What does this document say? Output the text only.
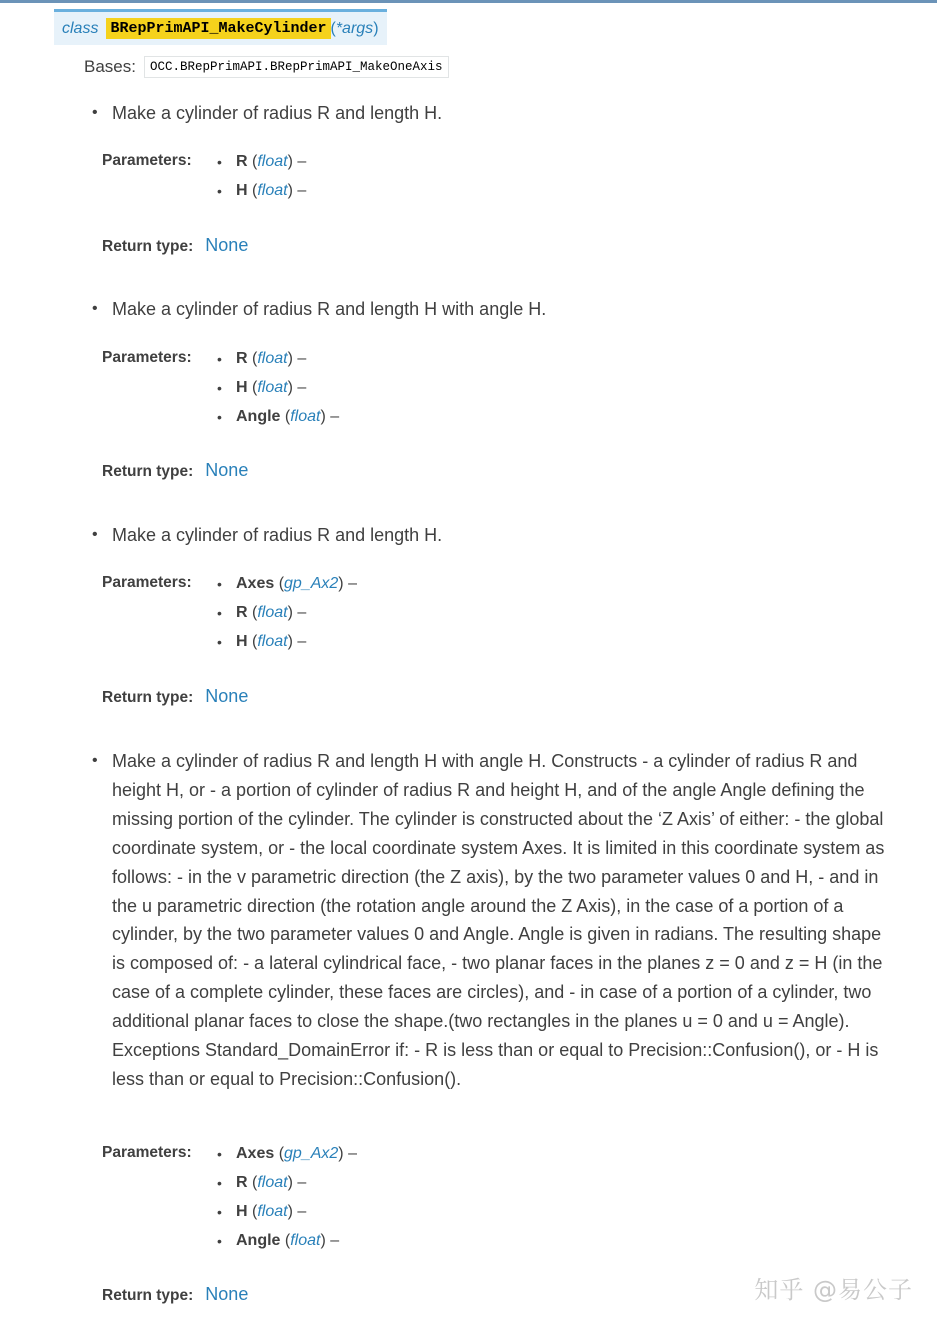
class BRepPrimAPI_MakeCylinder ( *args )
Bases:	OCC.BRepPrimAPI.BRepPrimAPI_MakeOneAxis
• Make a cylinder of radius R and length H.
Parameters:	• R (float) –
• H (float) –
Return type: None
• Make a cylinder of radius R and length H with angle H.
Parameters:	• R (float) –
• H (float) –
• Angle (float) –
Return type: None
• Make a cylinder of radius R and length H.
Parameters:	• Axes (gp_Ax2) –
• R (float) –
• H (float) –
Return type: None
• Make a cylinder of radius R and length H with angle H. Constructs - a cylinder of radius R and height H, or - a portion of cylinder of radius R and height H, and of the angle Angle defining the missing portion of the cylinder. The cylinder is constructed about the ‘Z Axis’ of either: - the global coordinate system, or - the local coordinate system Axes. It is limited in this coordinate system as follows: - in the v parametric direction (the Z axis), by the two parameter values 0 and H, - and in the u parametric direction (the rotation angle around the Z Axis), in the case of a portion of a cylinder, by the two parameter values 0 and Angle. Angle is given in radians. The resulting shape is composed of: - a lateral cylindrical face, - two planar faces in the planes z = 0 and z = H (in the case of a complete cylinder, these faces are circles), and - in case of a portion of a cylinder, two additional planar faces to close the shape.(two rectangles in the planes u = 0 and u = Angle). Exceptions Standard_DomainError if: - R is less than or equal to Precision::Confusion(), or - H is less than or equal to Precision::Confusion().
Parameters:	• Axes (gp_Ax2) –
• R (float) –
• H (float) –
• Angle (float) –
Return type: None	知乎 @易公子
